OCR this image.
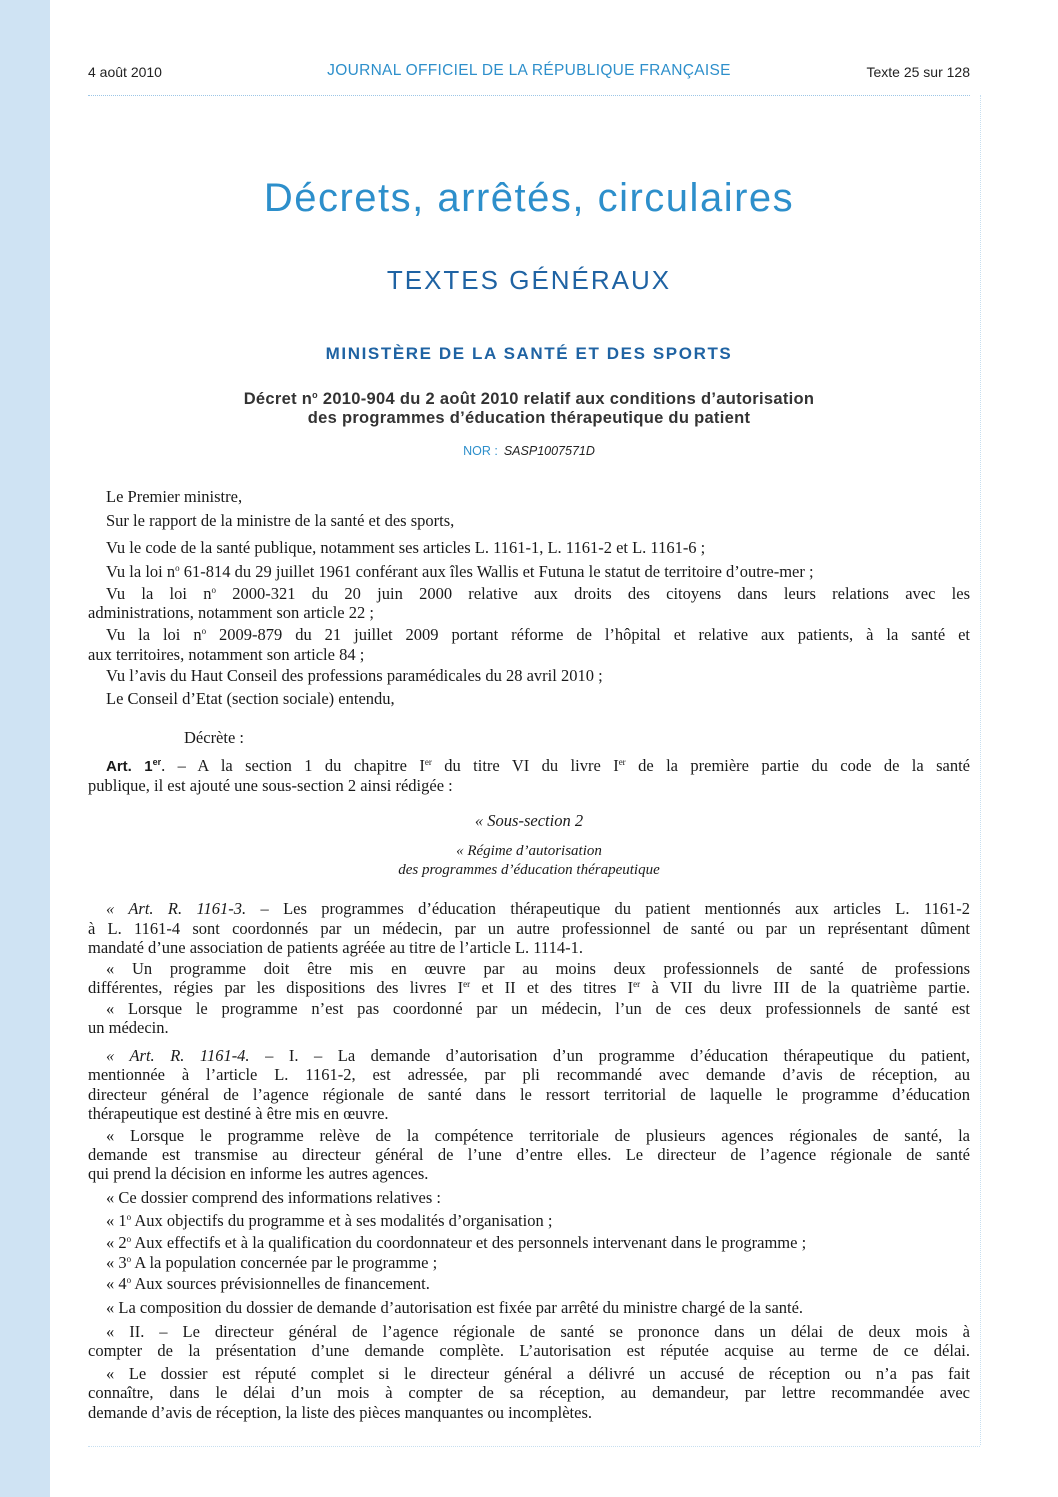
4 août 2010	JOURNAL OFFICIEL DE LA RÉPUBLIQUE FRANÇAISE	Texte 25 sur 128
Décrets, arrêtés, circulaires
TEXTES GÉNÉRAUX
MINISTÈRE DE LA SANTÉ ET DES SPORTS
Décret $n^o$ 2010-904 du 2 août 2010 relatif aux conditions d’autorisation
des programmes d’éducation thérapeutique du patient
NOR : SASP1007571D
Le Premier ministre,
Sur le rapport de la ministre de la santé et des sports,
Vu le code de la santé publique, notamment ses articles L. 1161-1, L. 1161-2 et L. 1161-6 ;
Vu la loi $n^o$ 61-814 du 29 juillet 1961 conférant aux îles Wallis et Futuna le statut de territoire d’outre-mer ;
Vu la loi $n^o$ 2000-321 du 20 juin 2000 relative aux droits des citoyens dans leurs relations avec les
administrations, notamment son article 22 ;
Vu la loi $n^o$ 2009-879 du 21 juillet 2009 portant réforme de l’hôpital et relative aux patients, à la santé et
aux territoires, notamment son article 84 ;
Vu l’avis du Haut Conseil des professions paramédicales du 28 avril 2010 ;
Le Conseil d’Etat (section sociale) entendu,
Décrète :
Art. 1er. – A la section 1 du chapitre Ier du titre VI du livre Ier de la première partie du code de la santé
publique, il est ajouté une sous-section 2 ainsi rédigée :
« Sous-section 2
« Régime d’autorisation
des programmes d’éducation thérapeutique
« Art. R. 1161-3. – Les programmes d’éducation thérapeutique du patient mentionnés aux articles L. 1161-2
à L. 1161-4 sont coordonnés par un médecin, par un autre professionnel de santé ou par un représentant dûment
mandaté d’une association de patients agréée au titre de l’article L. 1114-1.
« Un programme doit être mis en œuvre par au moins deux professionnels de santé de professions
différentes, régies par les dispositions des livres Ier et II et des titres Ier à VII du livre III de la quatrième partie.
« Lorsque le programme n’est pas coordonné par un médecin, l’un de ces deux professionnels de santé est
un médecin.
« Art. R. 1161-4. – I. – La demande d’autorisation d’un programme d’éducation thérapeutique du patient,
mentionnée à l’article L. 1161-2, est adressée, par pli recommandé avec demande d’avis de réception, au
directeur général de l’agence régionale de santé dans le ressort territorial de laquelle le programme d’éducation
thérapeutique est destiné à être mis en œuvre.
« Lorsque le programme relève de la compétence territoriale de plusieurs agences régionales de santé, la
demande est transmise au directeur général de l’une d’entre elles. Le directeur de l’agence régionale de santé
qui prend la décision en informe les autres agences.
« Ce dossier comprend des informations relatives :
« 1$^o$ Aux objectifs du programme et à ses modalités d’organisation ;
« 2$^o$ Aux effectifs et à la qualification du coordonnateur et des personnels intervenant dans le programme ;
« 3$^o$ A la population concernée par le programme ;
« 4$^o$ Aux sources prévisionnelles de financement.
« La composition du dossier de demande d’autorisation est fixée par arrêté du ministre chargé de la santé.
« II. – Le directeur général de l’agence régionale de santé se prononce dans un délai de deux mois à
compter de la présentation d’une demande complète. L’autorisation est réputée acquise au terme de ce délai.
« Le dossier est réputé complet si le directeur général a délivré un accusé de réception ou n’a pas fait
connaître, dans le délai d’un mois à compter de sa réception, au demandeur, par lettre recommandée avec
demande d’avis de réception, la liste des pièces manquantes ou incomplètes.
